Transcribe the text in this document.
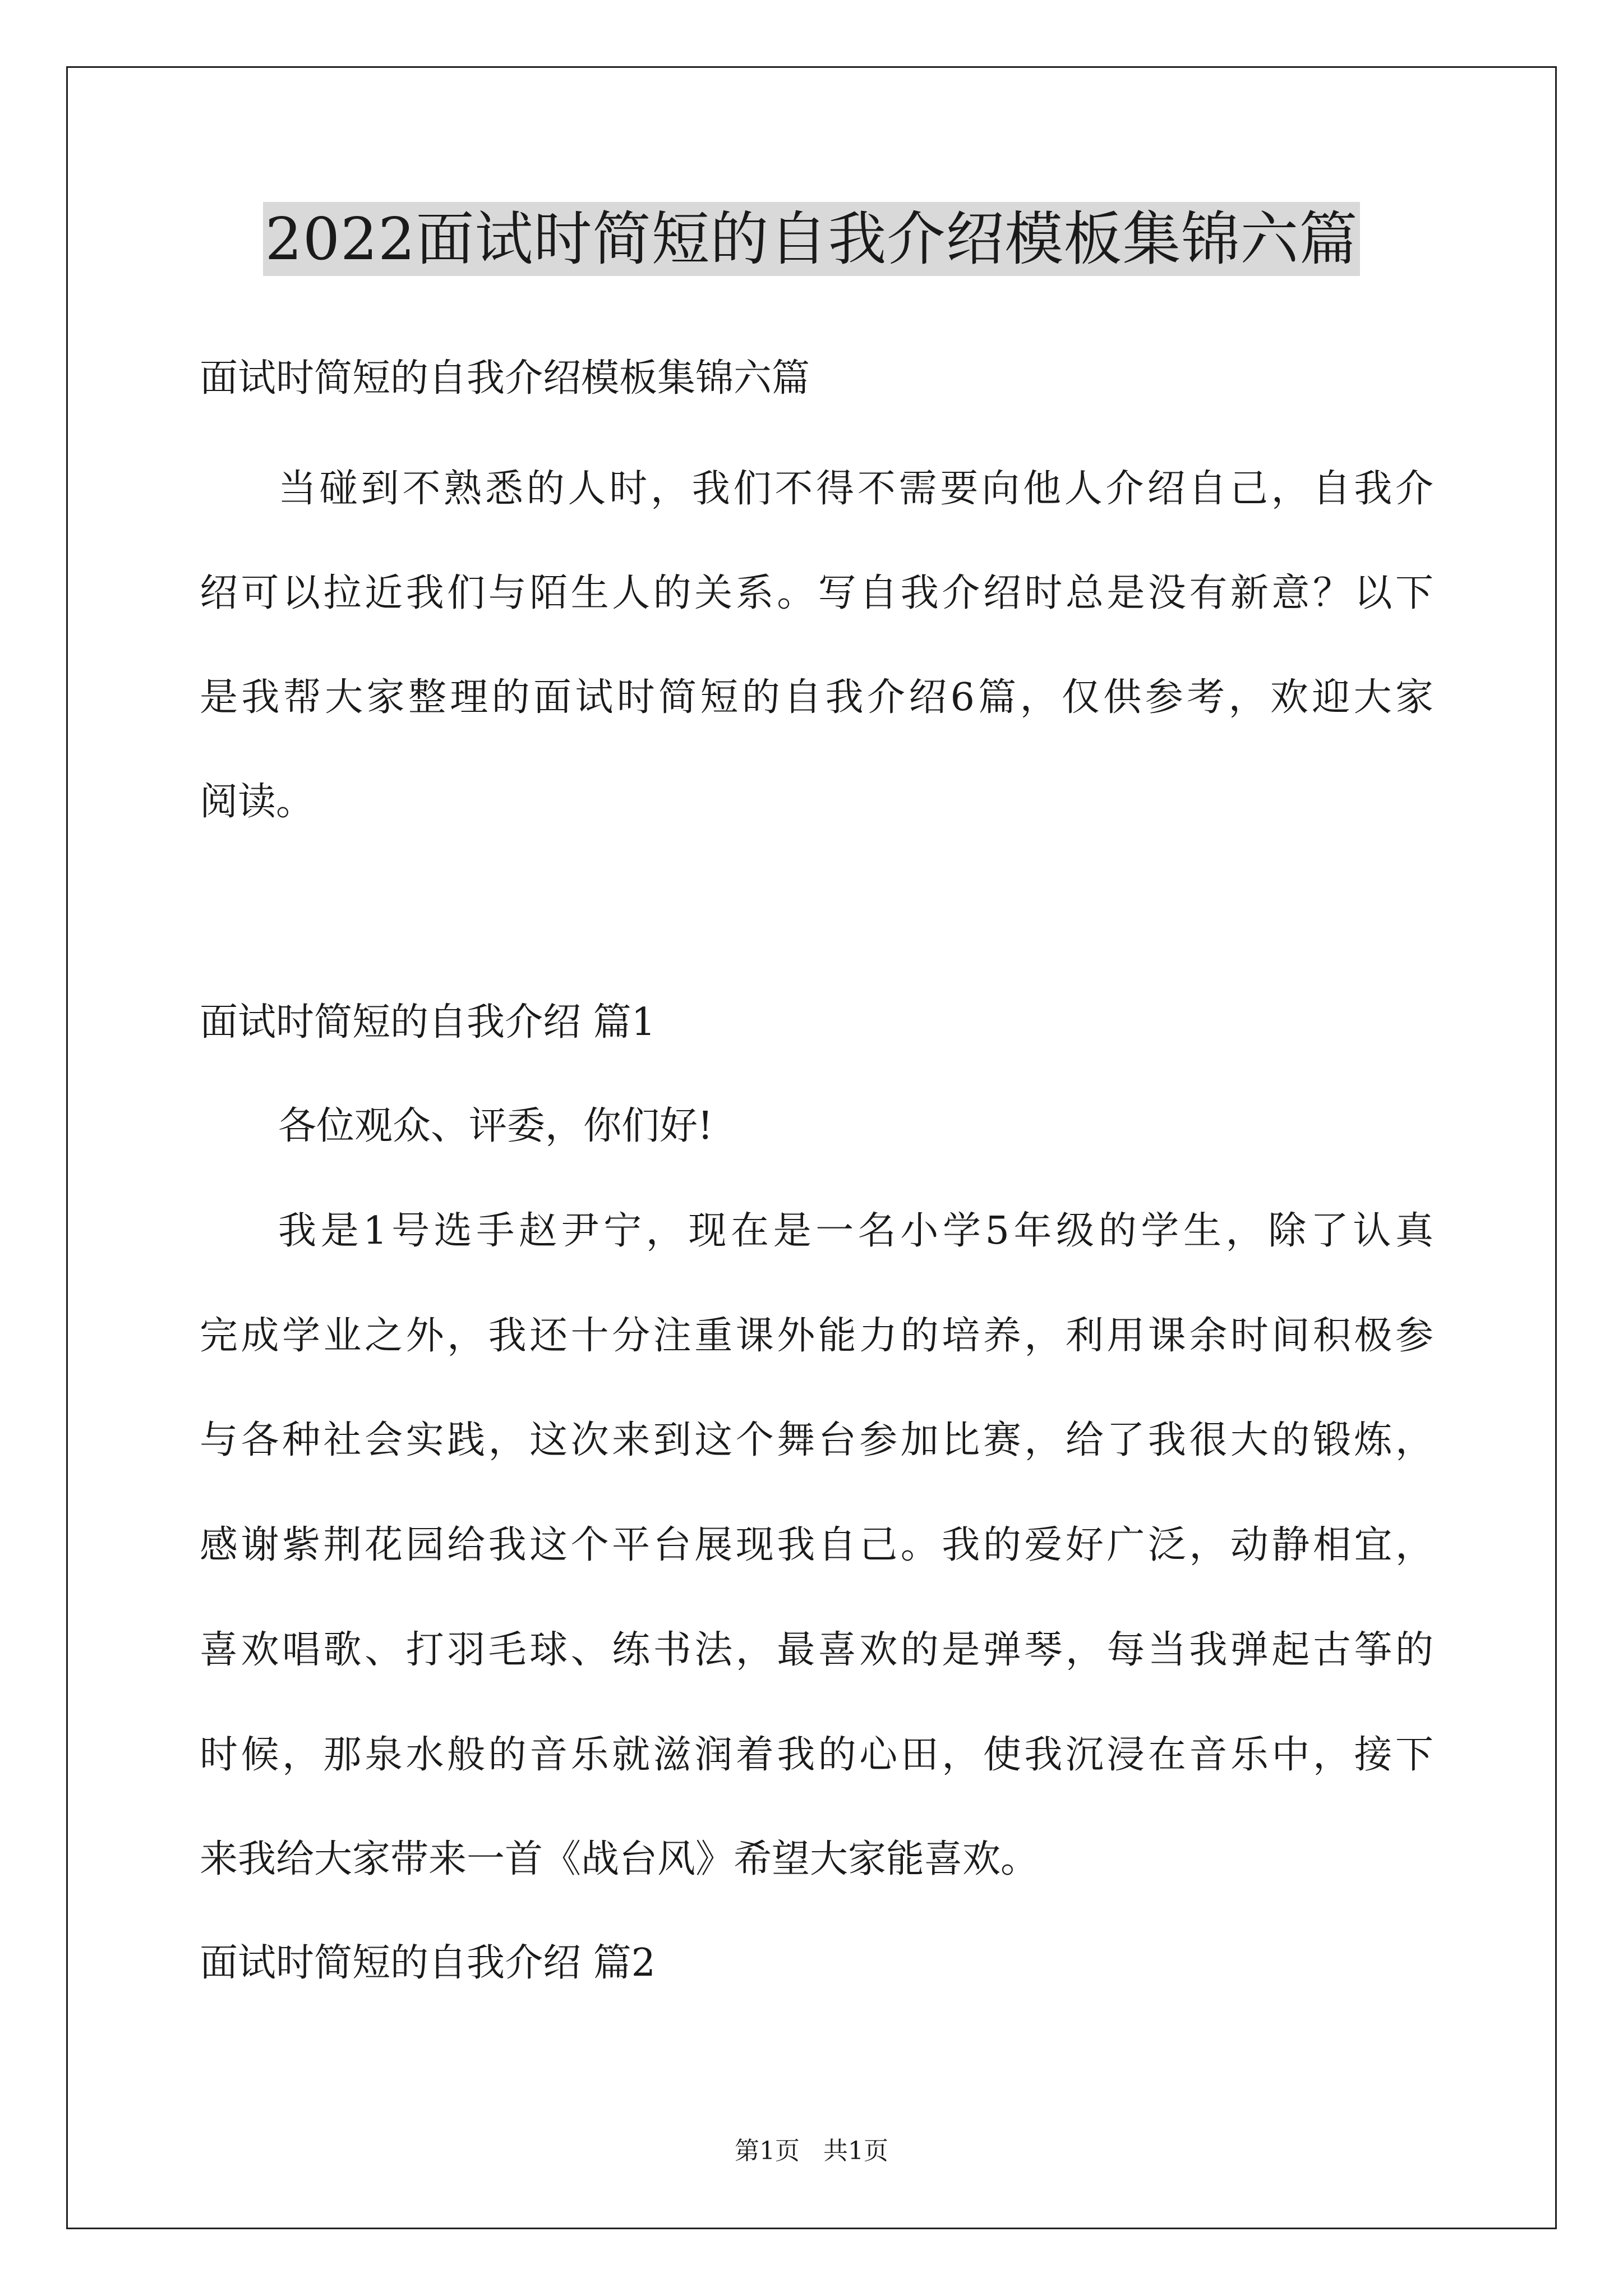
2022面试时简短的自我介绍模板集锦六篇
面试时简短的自我介绍模板集锦六篇
当碰到不熟悉的人时，我们不得不需要向他人介绍自己，自我介
绍可以拉近我们与陌生人的关系。写自我介绍时总是没有新意？以下
是我帮大家整理的面试时简短的自我介绍6篇，仅供参考，欢迎大家
阅读。
面试时简短的自我介绍 篇1
各位观众、评委，你们好!
我是1号选手赵尹宁，现在是一名小学5年级的学生，除了认真
完成学业之外，我还十分注重课外能力的培养，利用课余时间积极参
与各种社会实践，这次来到这个舞台参加比赛，给了我很大的锻炼，
感谢紫荆花园给我这个平台展现我自己。我的爱好广泛，动静相宜，
喜欢唱歌、打羽毛球、练书法，最喜欢的是弹琴，每当我弹起古筝的
时候，那泉水般的音乐就滋润着我的心田，使我沉浸在音乐中，接下
来我给大家带来一首《战台风》希望大家能喜欢。
面试时简短的自我介绍 篇2
第1页   共1页
